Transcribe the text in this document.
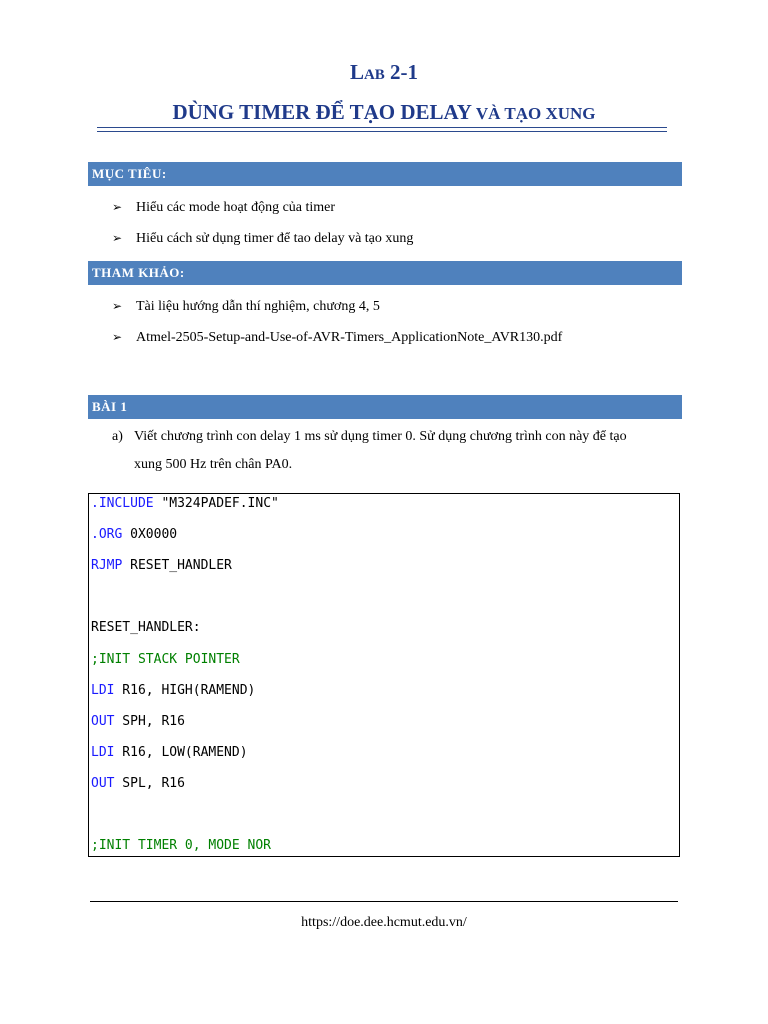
Lab 2-1
DÙNG TIMER ĐỂ TẠO DELAY VÀ TẠO XUNG
MỤC TIÊU:
➢ Hiểu các mode hoạt động của timer
➢ Hiểu cách sử dụng timer để tao delay và tạo xung
THAM KHẢO:
➢ Tài liệu hướng dẫn thí nghiệm, chương 4, 5
➢ Atmel-2505-Setup-and-Use-of-AVR-Timers_ApplicationNote_AVR130.pdf
BÀI 1
a) Viết chương trình con delay 1 ms sử dụng timer 0. Sử dụng chương trình con này để tạo
xung 500 Hz trên chân PA0.
.INCLUDE "M324PADEF.INC"
.ORG 0X0000
RJMP RESET_HANDLER
RESET_HANDLER:
;INIT STACK POINTER
LDI R16, HIGH(RAMEND)
OUT SPH, R16
LDI R16, LOW(RAMEND)
OUT SPL, R16
;INIT TIMER 0, MODE NOR
https://doe.dee.hcmut.edu.vn/
